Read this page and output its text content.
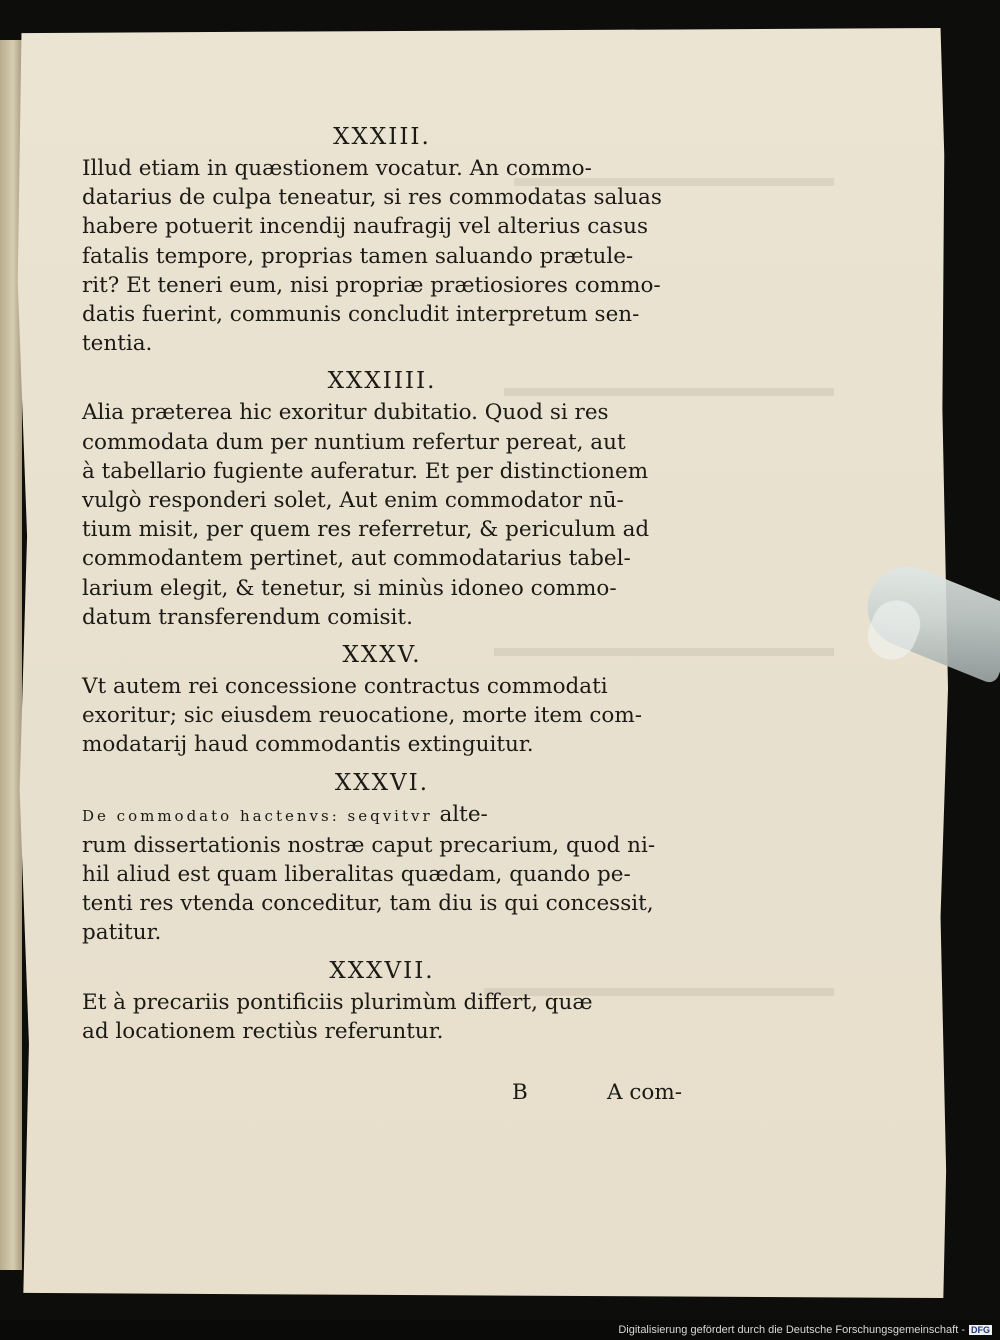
XXXIII.

Illud etiam in quæstionem vocatur. An commo-

datarius de culpa teneatur, si res commodatas saluas

habere potuerit incendij naufragij vel alterius casus

fatalis tempore, proprias tamen saluando prætule-

rit? Et teneri eum, nisi propriæ prætiosiores commo-

datis fuerint, communis concludit interpretum sen-

tentia.

XXXIIII.

Alia præterea hic exoritur dubitatio. Quod si res

commodata dum per nuntium refertur pereat, aut

à tabellario fugiente auferatur. Et per distinctionem

vulgò responderi solet, Aut enim commodator nū-

tium misit, per quem res referretur, & periculum ad

commodantem pertinet, aut commodatarius tabel-

larium elegit, & tenetur, si minùs idoneo commo-

datum transferendum comisit.

XXXV.

Vt autem rei concessione contractus commodati

exoritur; sic eiusdem reuocatione, morte item com-

modatarij haud commodantis extinguitur.

XXXVI.

De commodato hactenvs: seqvitvr alte-

rum dissertationis nostræ caput precarium, quod ni-

hil aliud est quam liberalitas quædam, quando pe-

tenti res vtenda conceditur, tam diu is qui concessit,

patitur.

XXXVII.

Et à precariis pontificiis plurimùm differt, quæ

ad locationem rectiùs referuntur.

B	A com-
Digitalisierung gefördert durch die Deutsche Forschungsgemeinschaft - DFG
